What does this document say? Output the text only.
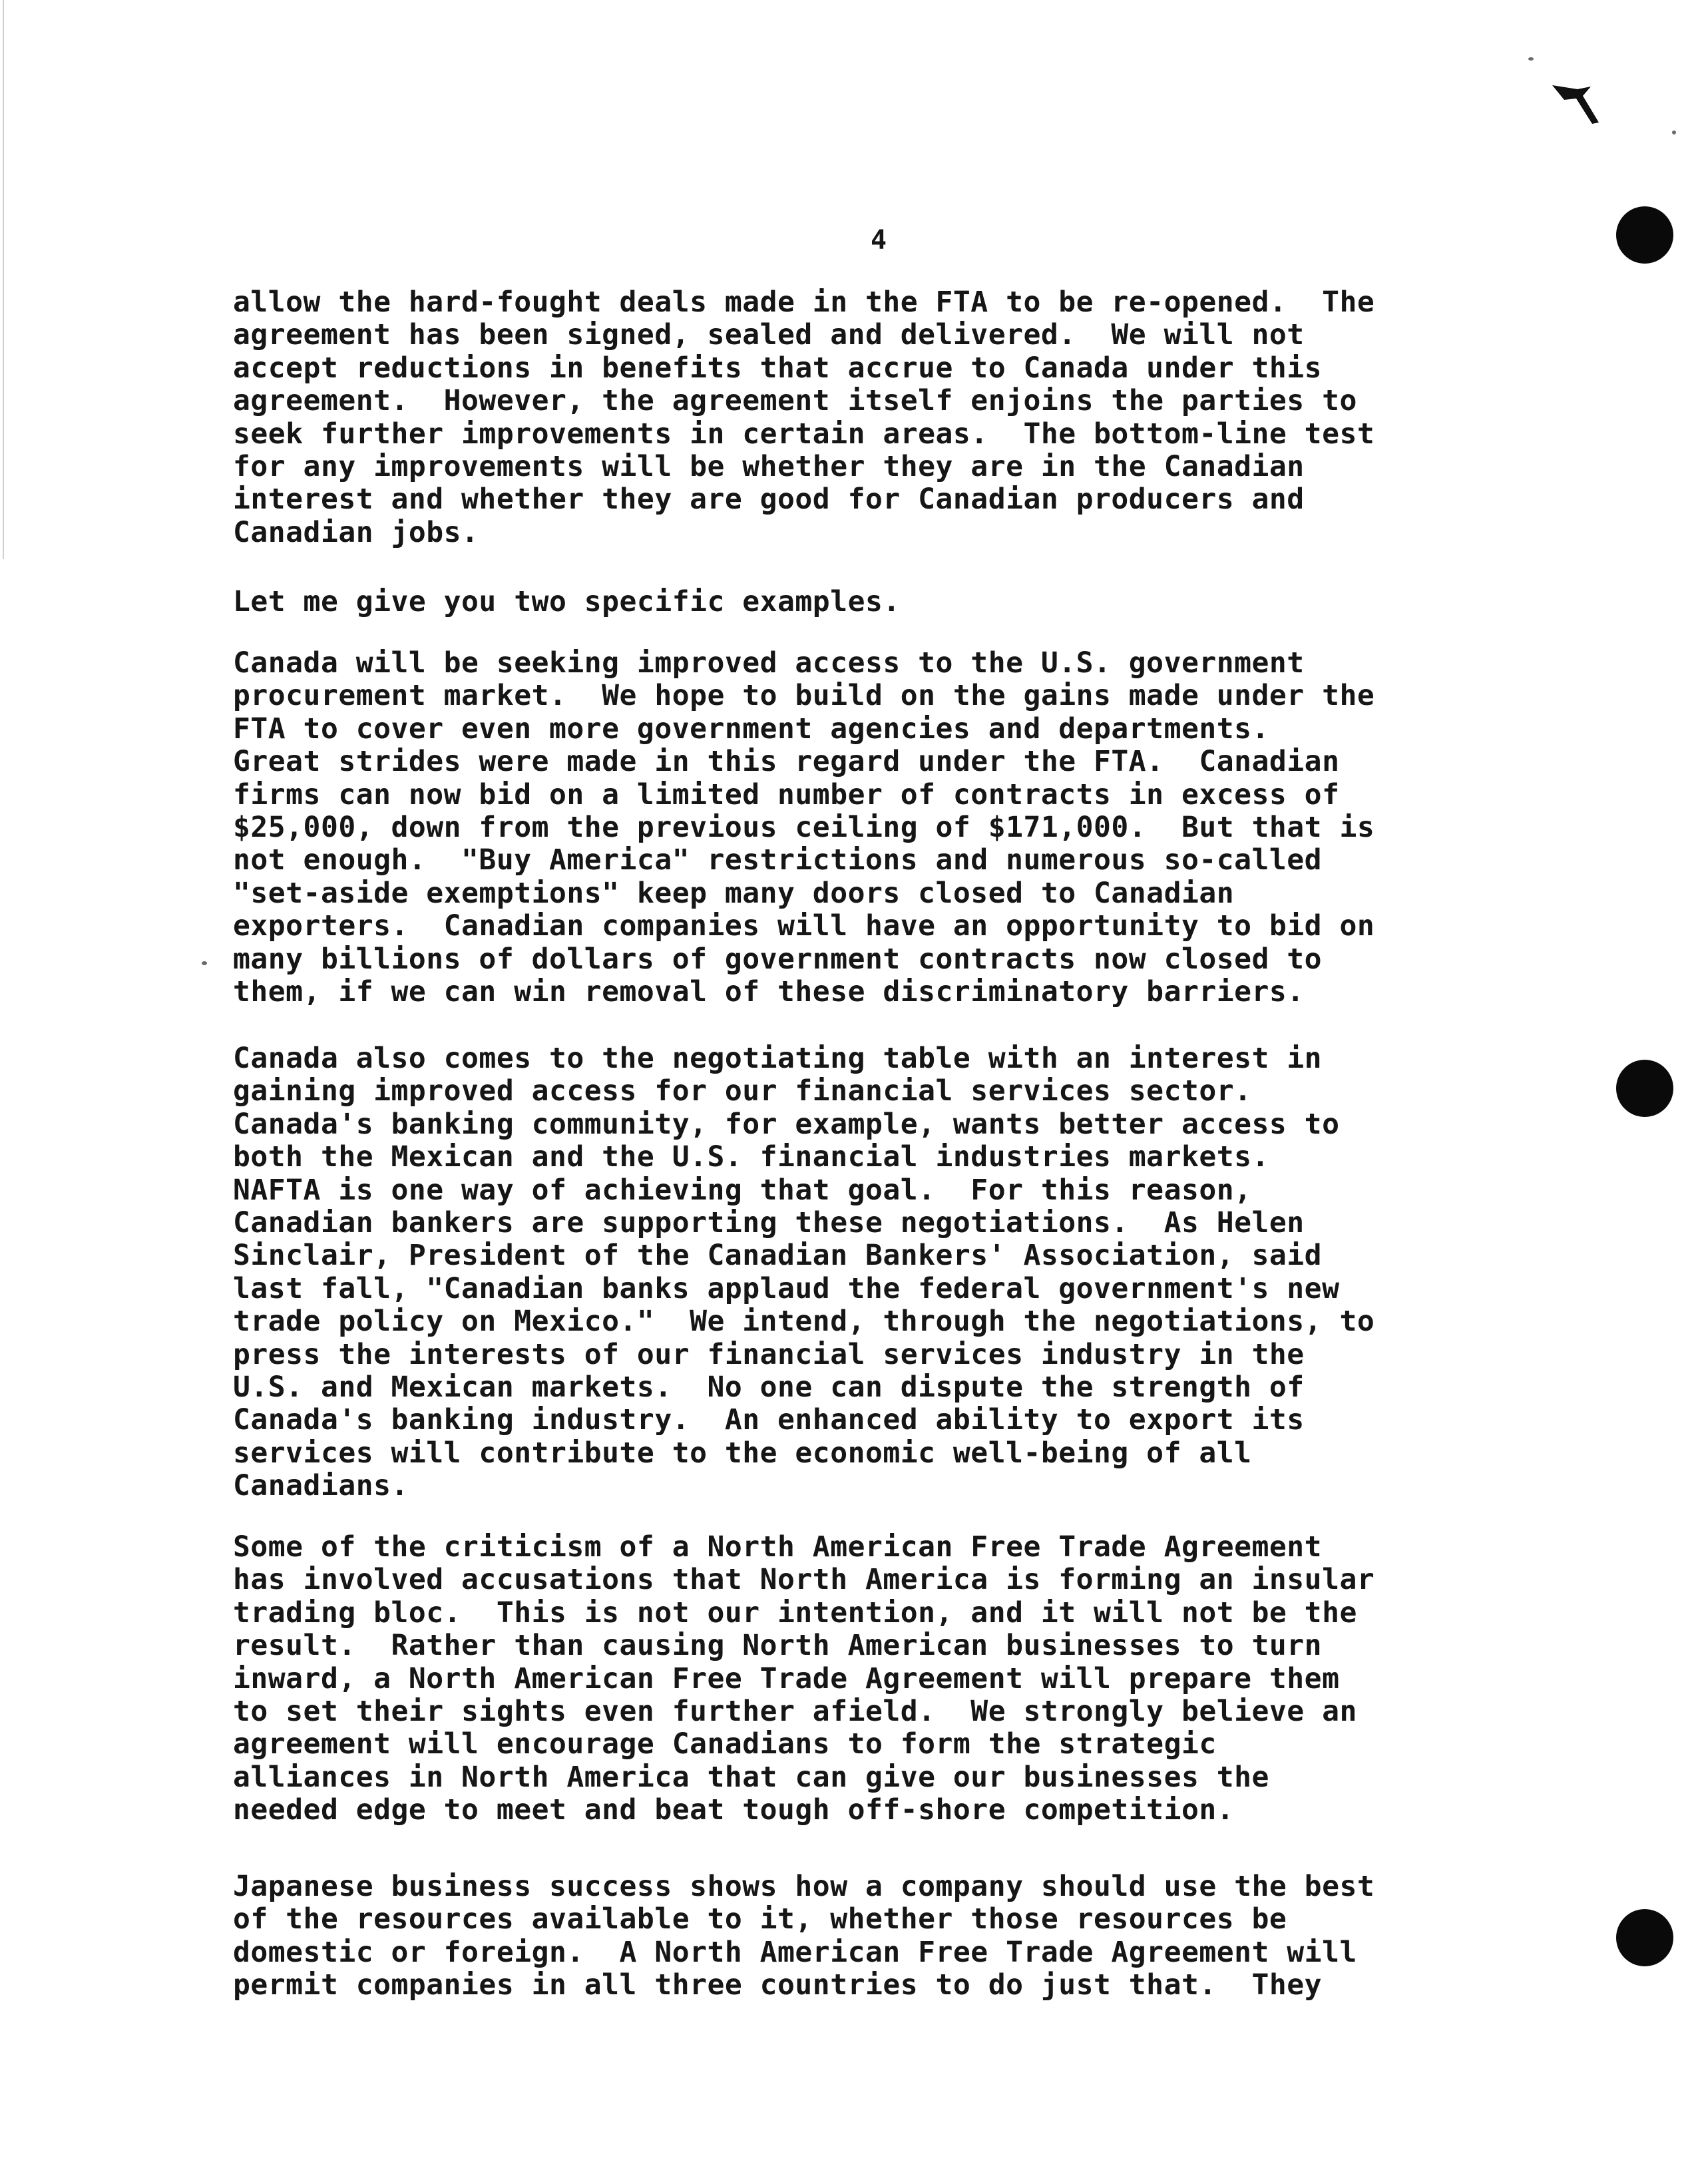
4
allow the hard-fought deals made in the FTA to be re-opened.  The
agreement has been signed, sealed and delivered.  We will not
accept reductions in benefits that accrue to Canada under this
agreement.  However, the agreement itself enjoins the parties to
seek further improvements in certain areas.  The bottom-line test
for any improvements will be whether they are in the Canadian
interest and whether they are good for Canadian producers and
Canadian jobs.
Let me give you two specific examples.
Canada will be seeking improved access to the U.S. government
procurement market.  We hope to build on the gains made under the
FTA to cover even more government agencies and departments.
Great strides were made in this regard under the FTA.  Canadian
firms can now bid on a limited number of contracts in excess of
$25,000, down from the previous ceiling of $171,000.  But that is
not enough.  "Buy America" restrictions and numerous so-called
"set-aside exemptions" keep many doors closed to Canadian
exporters.  Canadian companies will have an opportunity to bid on
many billions of dollars of government contracts now closed to
them, if we can win removal of these discriminatory barriers.
Canada also comes to the negotiating table with an interest in
gaining improved access for our financial services sector.
Canada's banking community, for example, wants better access to
both the Mexican and the U.S. financial industries markets.
NAFTA is one way of achieving that goal.  For this reason,
Canadian bankers are supporting these negotiations.  As Helen
Sinclair, President of the Canadian Bankers' Association, said
last fall, "Canadian banks applaud the federal government's new
trade policy on Mexico."  We intend, through the negotiations, to
press the interests of our financial services industry in the
U.S. and Mexican markets.  No one can dispute the strength of
Canada's banking industry.  An enhanced ability to export its
services will contribute to the economic well-being of all
Canadians.
Some of the criticism of a North American Free Trade Agreement
has involved accusations that North America is forming an insular
trading bloc.  This is not our intention, and it will not be the
result.  Rather than causing North American businesses to turn
inward, a North American Free Trade Agreement will prepare them
to set their sights even further afield.  We strongly believe an
agreement will encourage Canadians to form the strategic
alliances in North America that can give our businesses the
needed edge to meet and beat tough off-shore competition.
Japanese business success shows how a company should use the best
of the resources available to it, whether those resources be
domestic or foreign.  A North American Free Trade Agreement will
permit companies in all three countries to do just that.  They
